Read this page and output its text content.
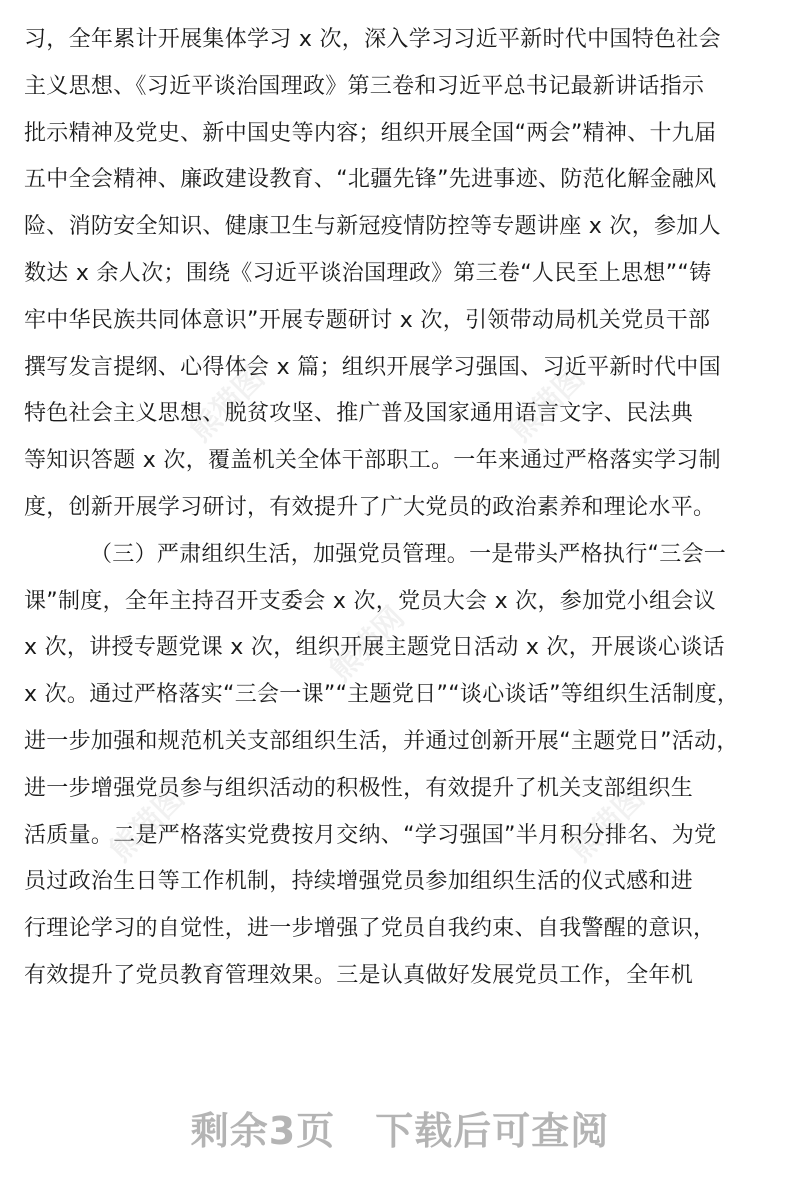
熊猫图	熊猫图
熊猫网
熊猫图	熊猫图
习，全年累计开展集体学习 x 次，深入学习习近平新时代中国特色社会
主义思想、《习近平谈治国理政》第三卷和习近平总书记最新讲话指示
批示精神及党史、新中国史等内容；组织开展全国“两会”精神、十九届
五中全会精神、廉政建设教育、“北疆先锋”先进事迹、防范化解金融风
险、消防安全知识、健康卫生与新冠疫情防控等专题讲座 x 次，参加人
数达 x 余人次；围绕《习近平谈治国理政》第三卷“人民至上思想”“铸
牢中华民族共同体意识”开展专题研讨 x 次，引领带动局机关党员干部
撰写发言提纲、心得体会 x 篇；组织开展学习强国、习近平新时代中国
特色社会主义思想、脱贫攻坚、推广普及国家通用语言文字、民法典
等知识答题 x 次，覆盖机关全体干部职工。一年来通过严格落实学习制
度，创新开展学习研讨，有效提升了广大党员的政治素养和理论水平。
（三）严肃组织生活，加强党员管理。一是带头严格执行“三会一
课”制度，全年主持召开支委会 x 次，党员大会 x 次，参加党小组会议
x 次，讲授专题党课 x 次，组织开展主题党日活动 x 次，开展谈心谈话
x 次。通过严格落实“三会一课”“主题党日”“谈心谈话”等组织生活制度，
进一步加强和规范机关支部组织生活，并通过创新开展“主题党日”活动，
进一步增强党员参与组织活动的积极性，有效提升了机关支部组织生
活质量。二是严格落实党费按月交纳、“学习强国”半月积分排名、为党
员过政治生日等工作机制，持续增强党员参加组织生活的仪式感和进
行理论学习的自觉性，进一步增强了党员自我约束、自我警醒的意识，
有效提升了党员教育管理效果。三是认真做好发展党员工作，全年机
剩余3页 下载后可查阅
